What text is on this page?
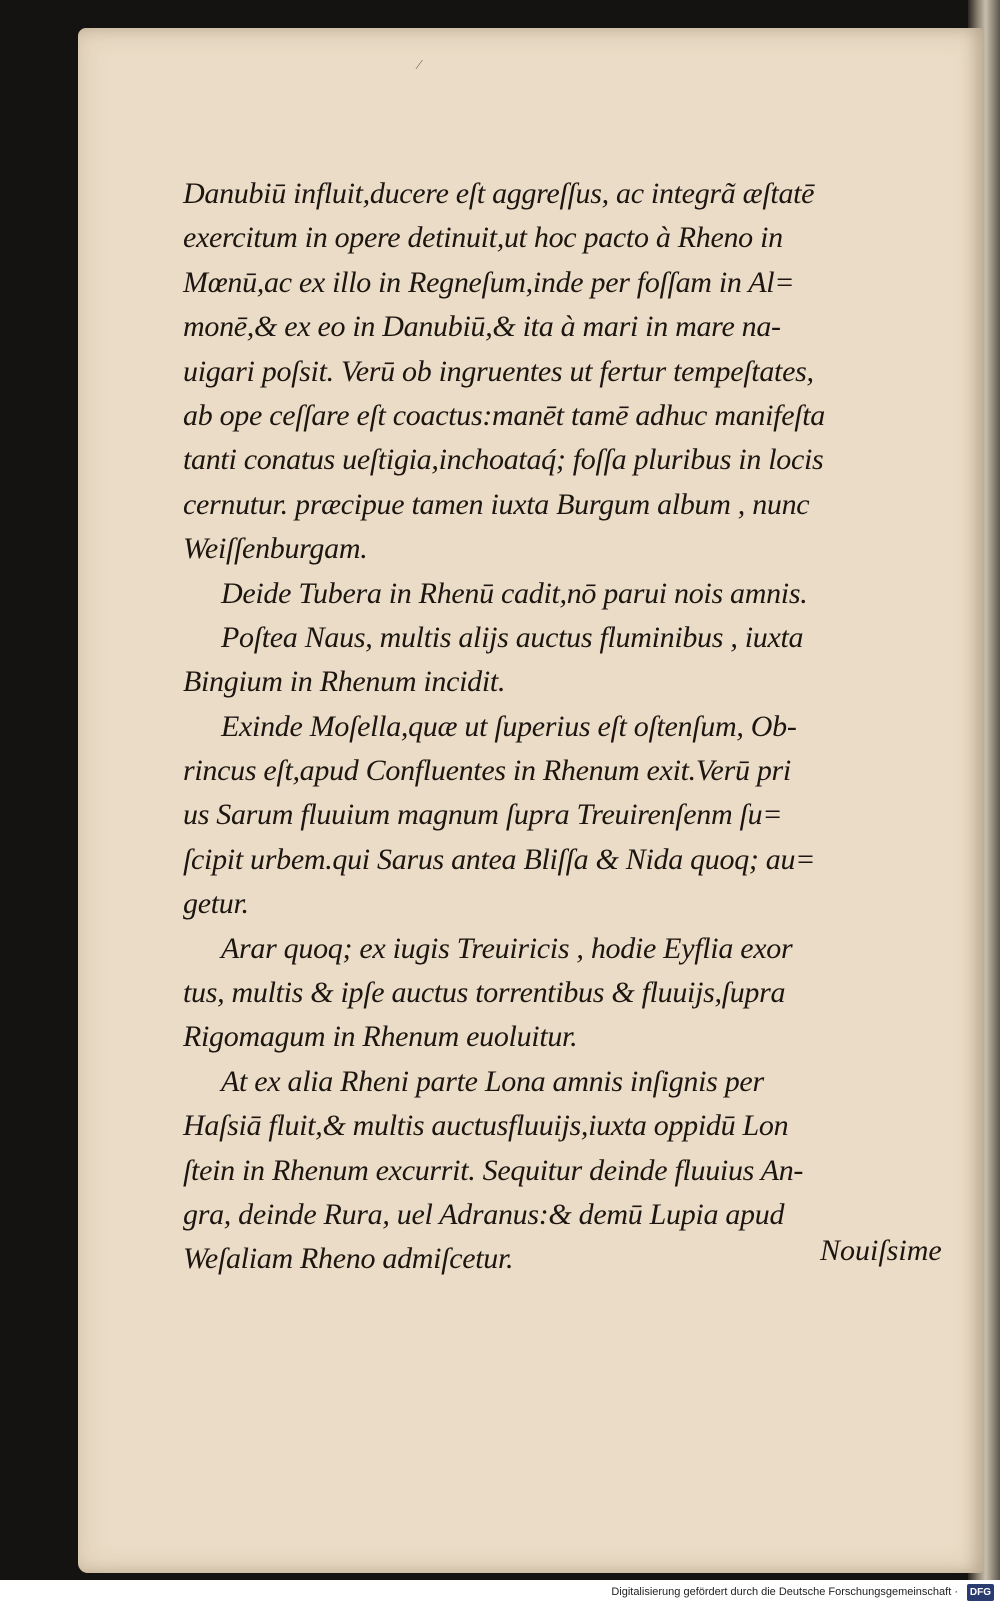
⁄
Danubiū influit,ducere eſt aggreſſus, ac integrã æſtatē
exercitum in opere detinuit,ut hoc pacto à Rheno in
Mœnū,ac ex illo in Regneſum,inde per foſſam in Al=
monē,& ex eo in Danubiū,& ita à mari in mare na-
uigari poſsit. Verū ob ingruentes ut fertur tempeſtates,
ab ope ceſſare eſt coactus:manēt tamē adhuc manifeſta
tanti conatus ueſtigia,inchoataq́; foſſa pluribus in locis
cernutur. præcipue tamen iuxta Burgum album , nunc
Weiſſenburgam.
Deide Tubera in Rhenū cadit,nō parui nois amnis.
Poſtea Naus, multis alijs auctus fluminibus , iuxta
Bingium in Rhenum incidit.
Exinde Moſella,quæ ut ſuperius eſt oſtenſum, Ob-
rincus eſt,apud Confluentes in Rhenum exit.Verū pri
us Sarum fluuium magnum ſupra Treuirenſenm ſu=
ſcipit urbem.qui Sarus antea Bliſſa & Nida quoq; au=
getur.
Arar quoq; ex iugis Treuiricis , hodie Eyflia exor
tus, multis & ipſe auctus torrentibus & fluuijs,ſupra
Rigomagum in Rhenum euoluitur.
At ex alia Rheni parte Lona amnis inſignis per
Haſsiā fluit,& multis auctusfluuijs,iuxta oppidū Lon
ſtein in Rhenum excurrit. Sequitur deinde fluuius An-
gra, deinde Rura, uel Adranus:& demū Lupia apud
Weſaliam Rheno admiſcetur.	Nouiſsime
Digitalisierung gefördert durch die Deutsche Forschungsgemeinschaft ·	DFG
